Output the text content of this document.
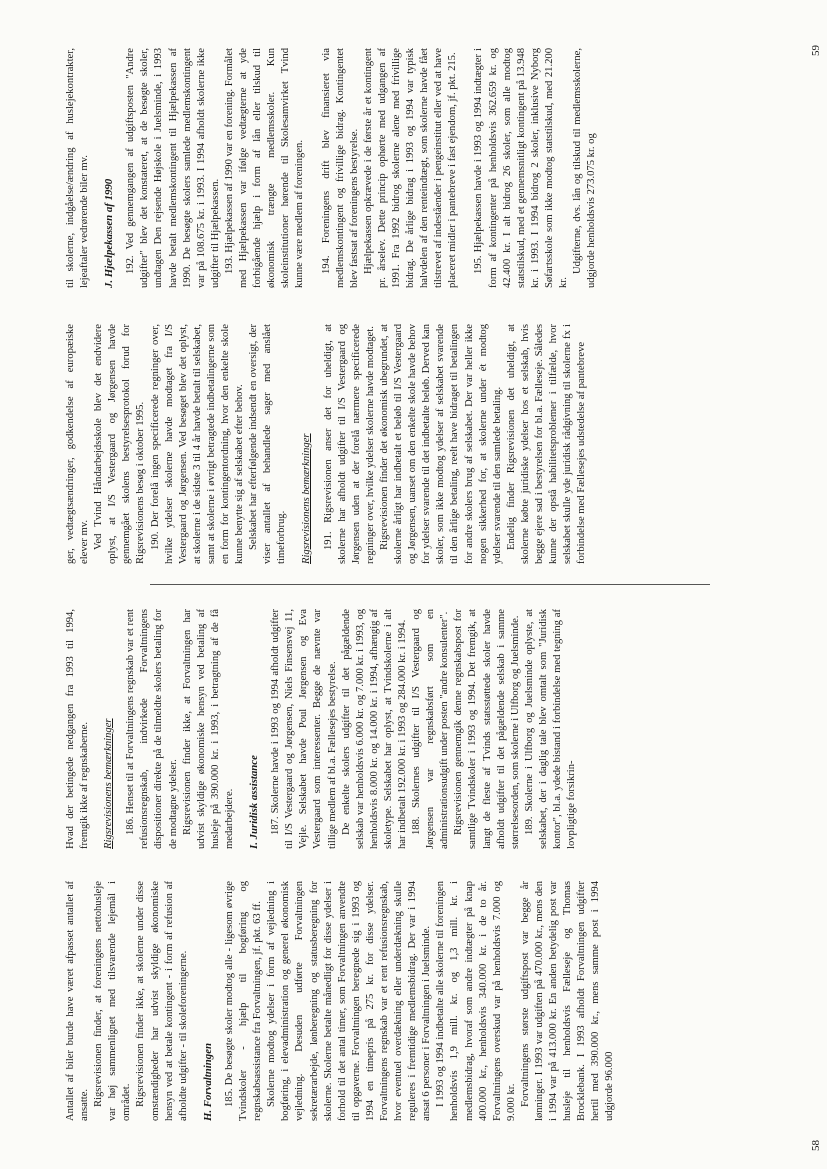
Antallet af biler burde have været afpasset antallet af ansatte. Rigsrevisionen finder, at foreningens nettohusleje var høj sammenlignet med tilsvarende lejemål i området. Rigsrevisionen finder ikke, at skolerne under disse omstændigheder har udvist skyldige økonomiske hensyn ved at betale kontingent - i form af refusion af afholdte udgifter - til skoleforeningerne. H. Forvaltningen 185. De besøgte skoler modtog alle - ligesom øvrige Tvindskoler - hjælp til bogføring og regnskabsassistance fra Forvaltningen, jf. pkt. 63 ff. Skolerne modtog ydelser i form af vejledning i bogføring, i elevadministration og generel økonomisk vejledning. Desuden udførte Forvaltningen sekretærarbejde, lønberegning og statusberegning for skolerne. Skolerne betalte månedligt for disse ydelser i forhold til det antal timer, som Forvaltningen anvendte til opgaverne. Forvaltningen beregnede sig i 1993 og 1994 en timepris på 275 kr. for disse ydelser. Forvaltningens regnskab var et rent refusionsregnskab, hvor eventuel overdækning eller underdækning skulle reguleres i fremtidige medlemsbidrag. Der var i 1994 ansat 6 personer i Forvaltningen i Juelsminde. I 1993 og 1994 indbetalte alle skolerne til foreningen henholdsvis 1,9 mill. kr. og 1,3 mill. kr. i medlemsbidrag, hvoraf som andre indtægter på knap 400.000 kr., henholdsvis 340.000 kr. i de to år. Forvaltningens overskud var på henholdsvis 7.000 og 9.000 kr. Forvaltningens største udgiftspost var begge år lønninger. I 1993 var udgiften på 470.000 kr., mens den i 1994 var på 413.000 kr. En anden betydelig post var husleje til henholdsvis Fælleseje og Thomas Brocklebank. I 1993 afholdt Forvaltningen udgifter hertil med 390.000 kr., mens samme post i 1994 udgjorde 96.000

Hvad der betingede nedgangen fra 1993 til 1994, fremgik ikke af regnskaberne. Rigsrevisionens bemærkninger 186. Henset til at Forvaltningens regnskab var et rent refusionsregnskab, indvirkede Forvaltningens dispositioner direkte på de tilmeldte skolers betaling for de modtagne ydelser. Rigsrevisionen finder ikke, at Forvaltningen har udvist skyldige økonomiske hensyn ved betaling af husleje på 390.000 kr. i 1993, i betragtning af de få medarbejdere. I. Juridisk assistance 187. Skolerne havde i 1993 og 1994 afholdt udgifter til I/S Vestergaard og Jørgensen, Niels Finsensvej 11, Vejle. Selskabet havde Poul Jørgensen og Eva Vestergaard som interessenter. Begge de nævnte var tillige medlem af bl.a. Fællesejes bestyrelse. De enkelte skolers udgifter til det pågældende selskab var henholdsvis 6.000 kr. og 7.000 kr. i 1993, og henholdsvis 8.000 kr. og 14.000 kr. i 1994, afhængig af skoletype. Selskabet har oplyst, at Tvindskolerne i alt har indbetalt 192.000 kr. i 1993 og 284.000 kr. i 1994. 188. Skolernes udgifter til I/S Vestergaard og Jørgensen var regnskabsført som en administrationsudgift under posten "andre konsulenter". Rigsrevisionen gennemgik denne regnskabspost for samtlige Tvindskoler i 1993 og 1994. Det fremgik, at langt de fleste af Tvinds statsstøttede skoler havde afholdt udgifter til det pågældende selskab i samme størrelsesorden, som skolerne i Ulfborg og Juelsminde. 189. Skolerne i Ulfborg og Juelsminde oplyste, at selskabet, der i daglig tale blev omtalt som "Juridisk kontor", bl.a. ydede bistand i forbindelse med tegning af lovpligtige forsikrin-

58

ger, vedtægtsændringer, godkendelse af europæiske elever mv. Ved Tvind Håndarbejdsskole blev det endvidere oplyst, at I/S Vestergaard og Jørgensen havde gennemgået skolens bestyrelsesprotokol forud for Rigsrevisionens besøg i oktober 1995. 190. Der forelå ingen specificerede regninger over, hvilke ydelser skolerne havde modtaget fra I/S Vestergaard og Jørgensen. Ved besøget blev det oplyst, at skolerne i de sidste 3 til 4 år havde betalt til selskabet, samt at skolerne i øvrigt betragtede indbetalingerne som en form for kontingentordning, hvor den enkelte skole kunne benytte sig af selskabet efter behov. Selskabet har efterfølgende indsendt en oversigt, der viser antallet af behandlede sager med anslået timeforbrug. Rigsrevisionens bemærkninger 191. Rigsrevisionen anser det for uheldigt, at skolerne har afholdt udgifter til I/S Vestergaard og Jørgensen uden at der forelå nærmere specificerede regninger over, hvilke ydelser skolerne havde modtaget. Rigsrevisionen finder det økonomisk ubegrundet, at skolerne årligt har indbetalt et beløb til I/S Vestergaard og Jørgensen, uanset om den enkelte skole havde behov for ydelser svarende til det indbetalte beløb. Derved kan skoler, som ikke modtog ydelser af selskabet svarende til den årlige betaling, reelt have bidraget til betalingen for andre skolers brug af selskabet. Der var heller ikke nogen sikkerhed for, at skolerne under ét modtog ydelser svarende til den samlede betaling. Endelig finder Rigsrevisionen det uheldigt, at skolerne købte juridiske ydelser hos et selskab, hvis begge ejere sad i bestyrelsen for bl.a. Fælleseje. Således kunne der opstå habilitetsproblemer i tilfælde, hvor selskabet skulle yde juridisk rådgivning til skolerne fx i forbindelse med Fællesejes udstedelse af pantebreve

til skolerne, indgåelse/ændring af huslejekontrakter, lejeaftaler vedrørende biler mv. J. Hjælpekassen af 1990 192. Ved gennemgangen af udgiftsposten "Andre udgifter" blev det konstateret, at de besøgte skoler, undtagen Den rejsende Højskole i Juelsminde, i 1993 havde betalt medlemskontingent til Hjælpekassen af 1990. De besøgte skolers samlede medlemskontingent var på 108.675 kr. i 1993. I 1994 afholdt skolerne ikke udgifter til Hjælpekassen. 193. Hjælpekassen af 1990 var en forening. Formålet med Hjælpekassen var ifølge vedtægterne at yde forbigående hjælp i form af lån eller tilskud til økonomisk trængte medlemsskoler. Kun skoleinstitutioner hørende til Skolesamvirket Tvind kunne være medlem af foreningen. 194. Foreningens drift blev finansieret via medlemskontingent og frivillige bidrag. Kontingentet blev fastsat af foreningens bestyrelse. Hjælpekassen opkrævede i de første år et kontingent pr. årselev. Dette princip ophørte med udgangen af 1991. Fra 1992 bidrog skolerne alene med frivillige bidrag. De årlige bidrag i 1993 og 1994 var typisk halvdelen af den renteindtægt, som skolerne havde fået tilstrevet af indeståender i pengeinstitut eller ved at have placeret midler i pantebreve i fast ejendom, jf. pkt. 215. 195. Hjælpekassen havde i 1993 og 1994 indtægter i form af kontingenter på henholdsvis 362.659 kr. og 42.400 kr. I alt bidrog 26 skoler, som alle modtog statstilskud, med et gennemsnitligt kontingent på 13.948 kr. i 1993. I 1994 bidrog 2 skoler, inklusive Nyborg Søfartsskole som ikke modtog statstilskud, med 21.200 kr.

Udgifterne, dvs. lån og tilskud til medlemsskolerne, udgjorde henholdsvis 273.075 kr. og

59
